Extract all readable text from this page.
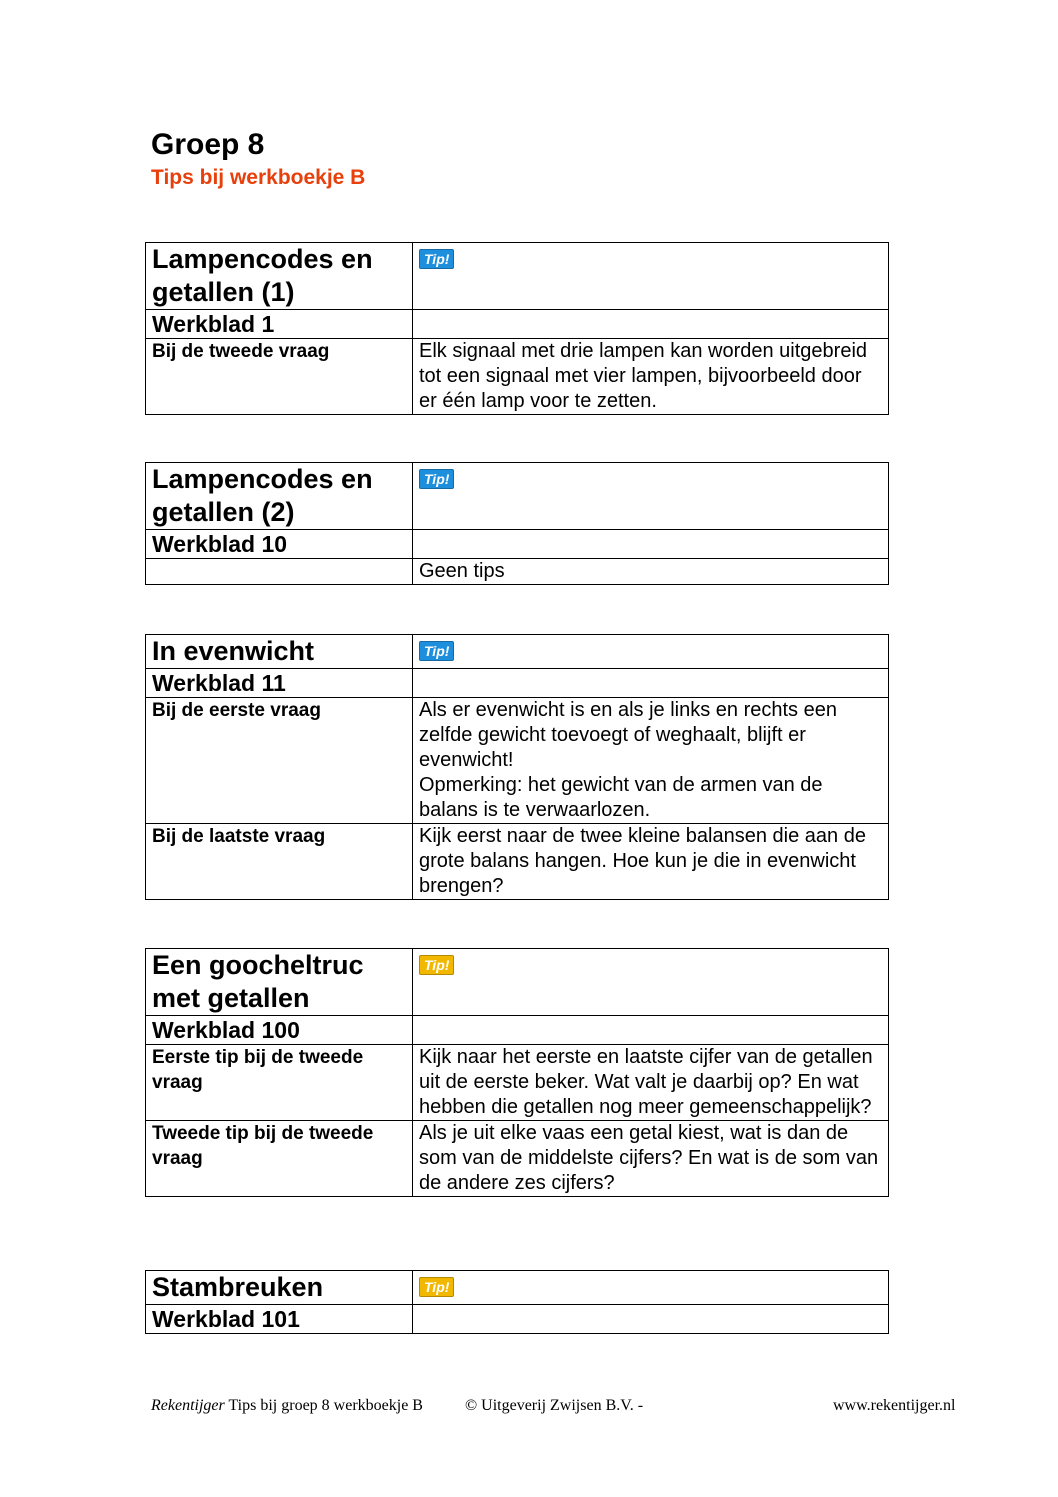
Groep 8
Tips bij werkboekje B
Lampencodes en getallen (1)	Tip!
Werkblad 1	
Bij de tweede vraag	Elk signaal met drie lampen kan worden uitgebreid tot een signaal met vier lampen, bijvoorbeeld door er één lamp voor te zetten.
Lampencodes en getallen (2)	Tip!
Werkblad 10	
	Geen tips
In evenwicht	Tip!
Werkblad 11	
Bij de eerste vraag	Als er evenwicht is en als je links en rechts een zelfde gewicht toevoegt of weghaalt, blijft er evenwicht!
Opmerking: het gewicht van de armen van de balans is te verwaarlozen.
Bij de laatste vraag	Kijk eerst naar de twee kleine balansen die aan de grote balans hangen. Hoe kun je die in evenwicht brengen?
Een goocheltruc met getallen	Tip!
Werkblad 100	
Eerste tip bij de tweede vraag	Kijk naar het eerste en laatste cijfer van de getallen uit de eerste beker. Wat valt je daarbij op? En wat hebben die getallen nog meer gemeenschappelijk?
Tweede tip bij de tweede vraag	Als je uit elke vaas een getal kiest, wat is dan de som van de middelste cijfers? En wat is de som van de andere zes cijfers?
Stambreuken	Tip!
Werkblad 101	
Rekentijger Tips bij groep 8 werkboekje B	© Uitgeverij Zwijsen B.V. -	www.rekentijger.nl
